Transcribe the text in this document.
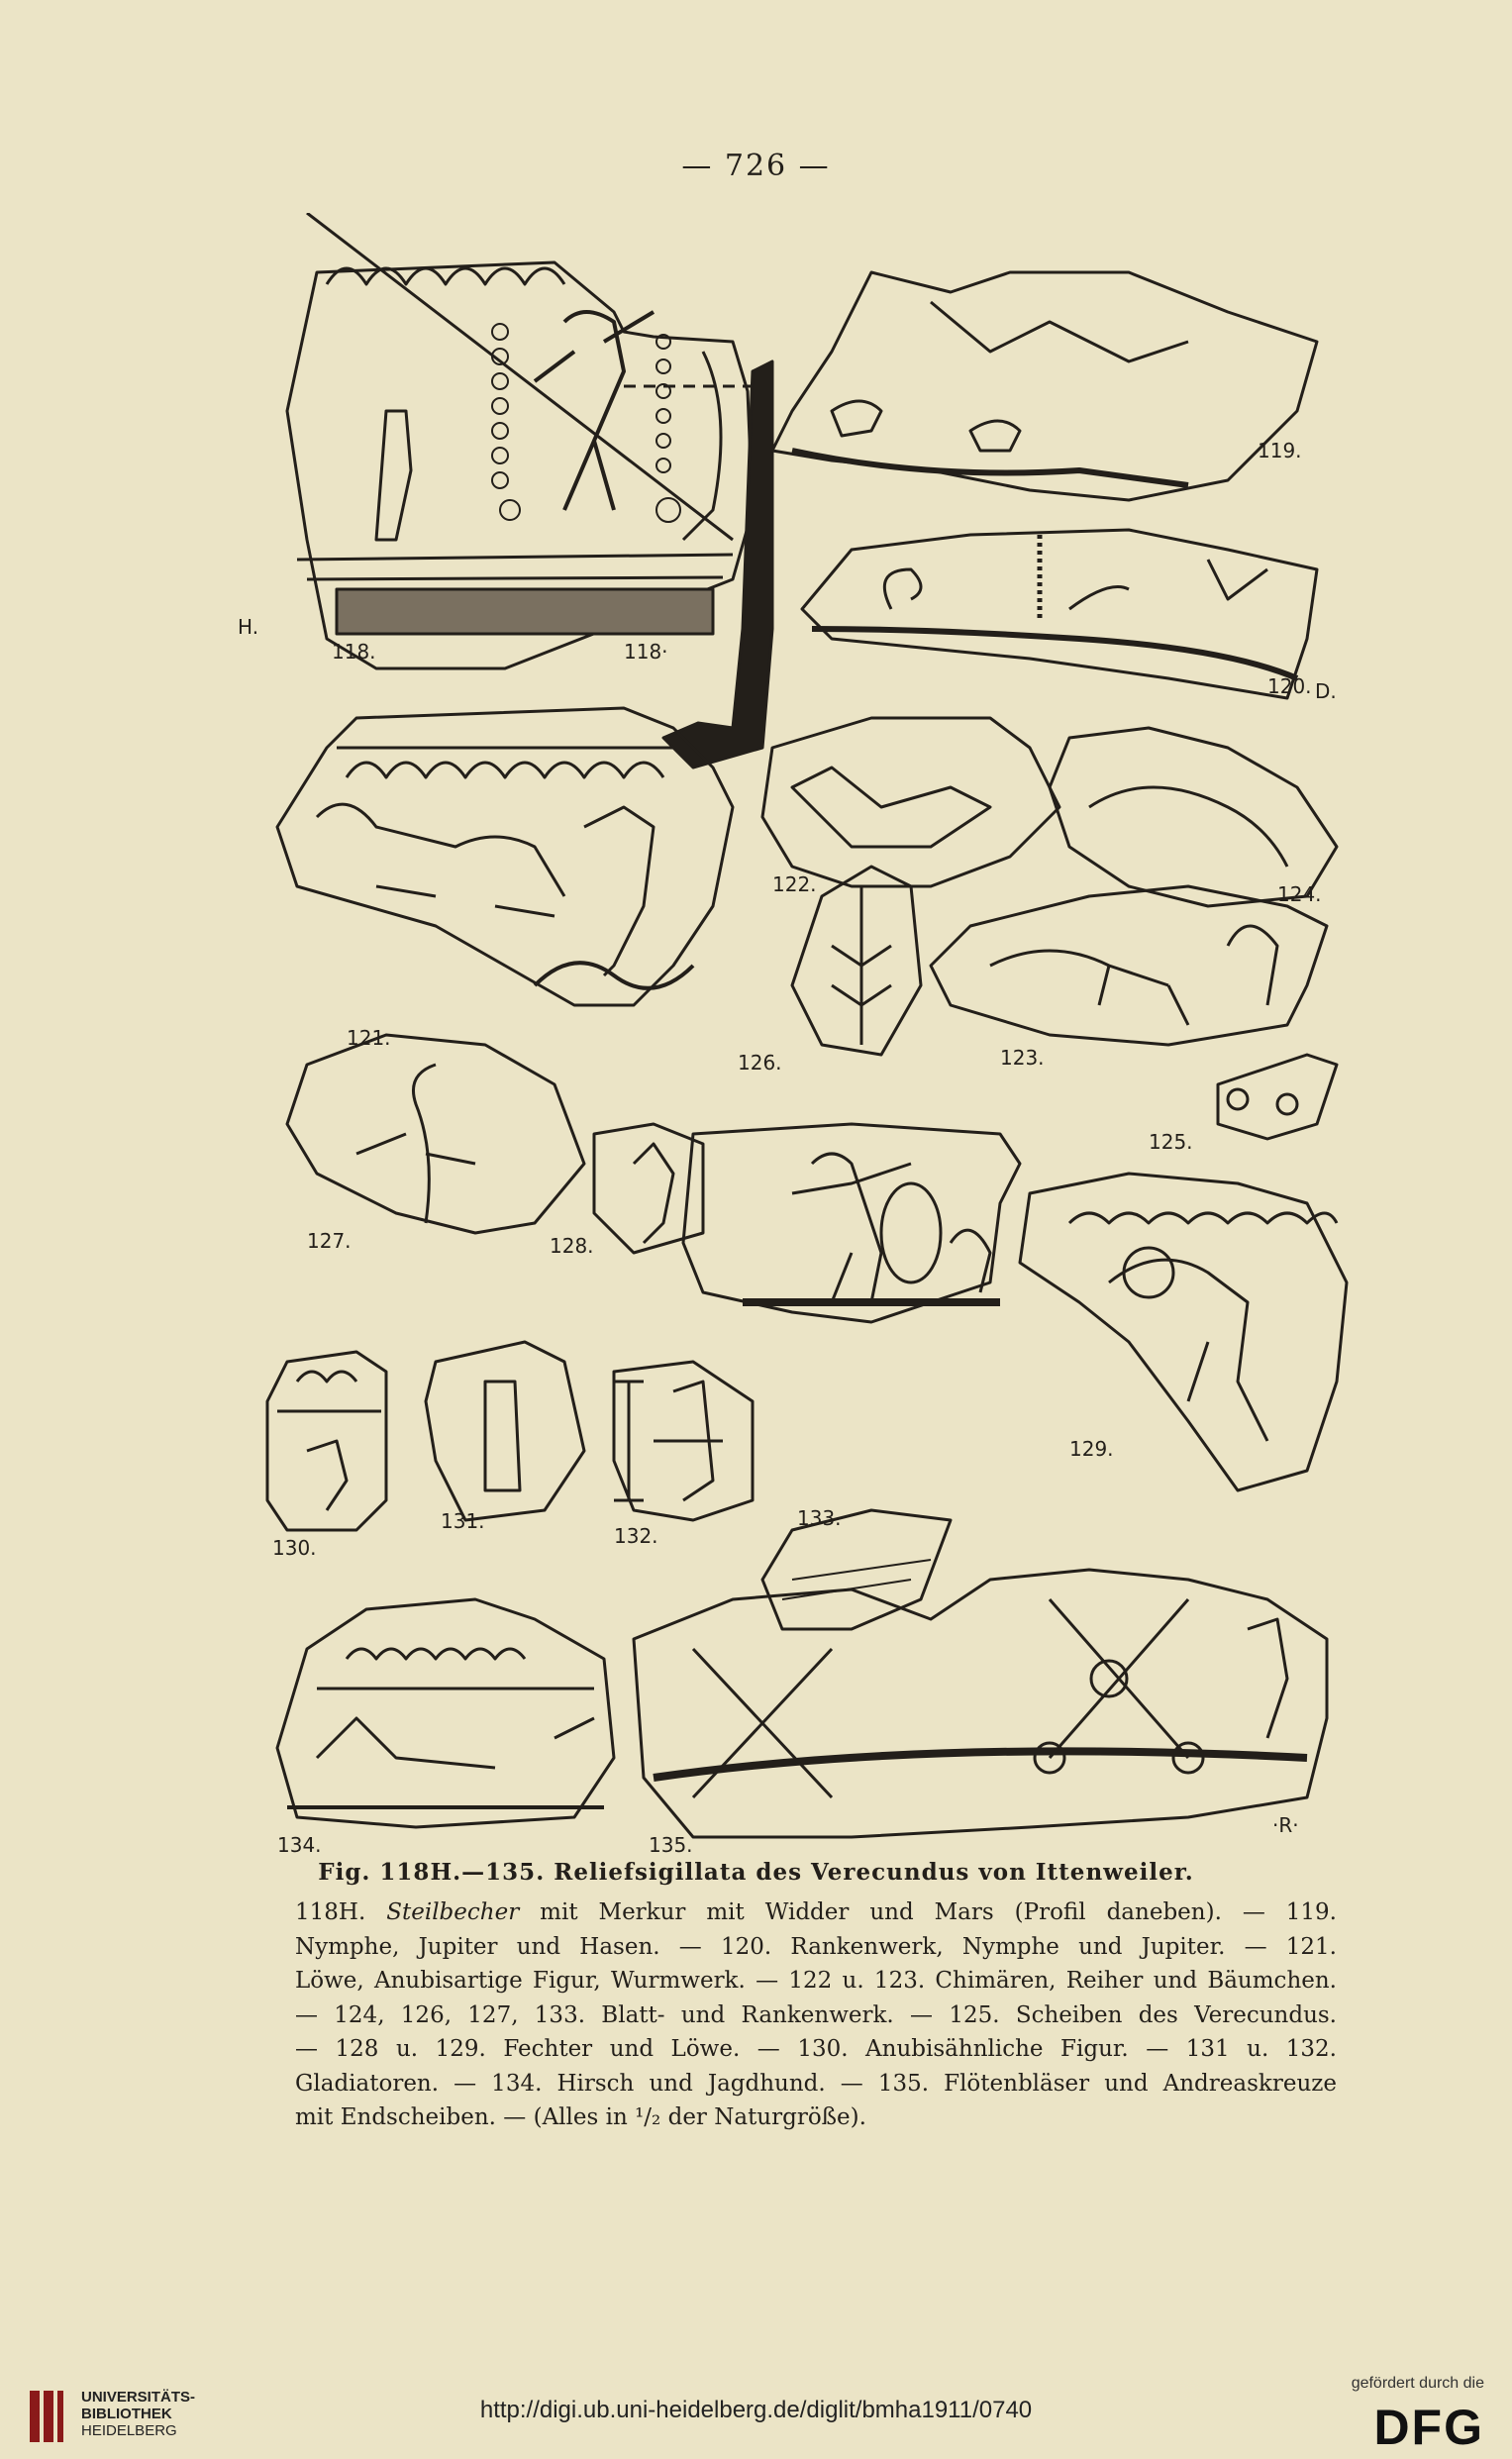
— 726 —
H.
118.	118·
119.
120. D.
121.
122.
123.
124.
125.
126.
127.	128.
129.
130.
131.
132.
133.
134.	135.
·R·
Fig. 118H.—135. Reliefsigillata des Verecundus von Ittenweiler.
118H. Steilbecher mit Merkur mit Widder und Mars (Profil daneben). — 119.
Nymphe, Jupiter und Hasen. — 120. Rankenwerk, Nymphe und Jupiter. — 121.
Löwe, Anubisartige Figur, Wurmwerk. — 122 u. 123. Chimären, Reiher und Bäumchen.
— 124, 126, 127, 133. Blatt- und Rankenwerk. — 125. Scheiben des Verecundus.
— 128 u. 129. Fechter und Löwe. — 130. Anubisähnliche Figur. — 131 u. 132.
Gladiatoren. — 134. Hirsch und Jagdhund. — 135. Flötenbläser und Andreaskreuze
mit Endscheiben. — (Alles in ¹/₂ der Naturgröße).
UNIVERSITÄTS-
BIBLIOTHEK
HEIDELBERG
http://digi.ub.uni-heidelberg.de/diglit/bmha1911/0740
gefördert durch die
DFG
